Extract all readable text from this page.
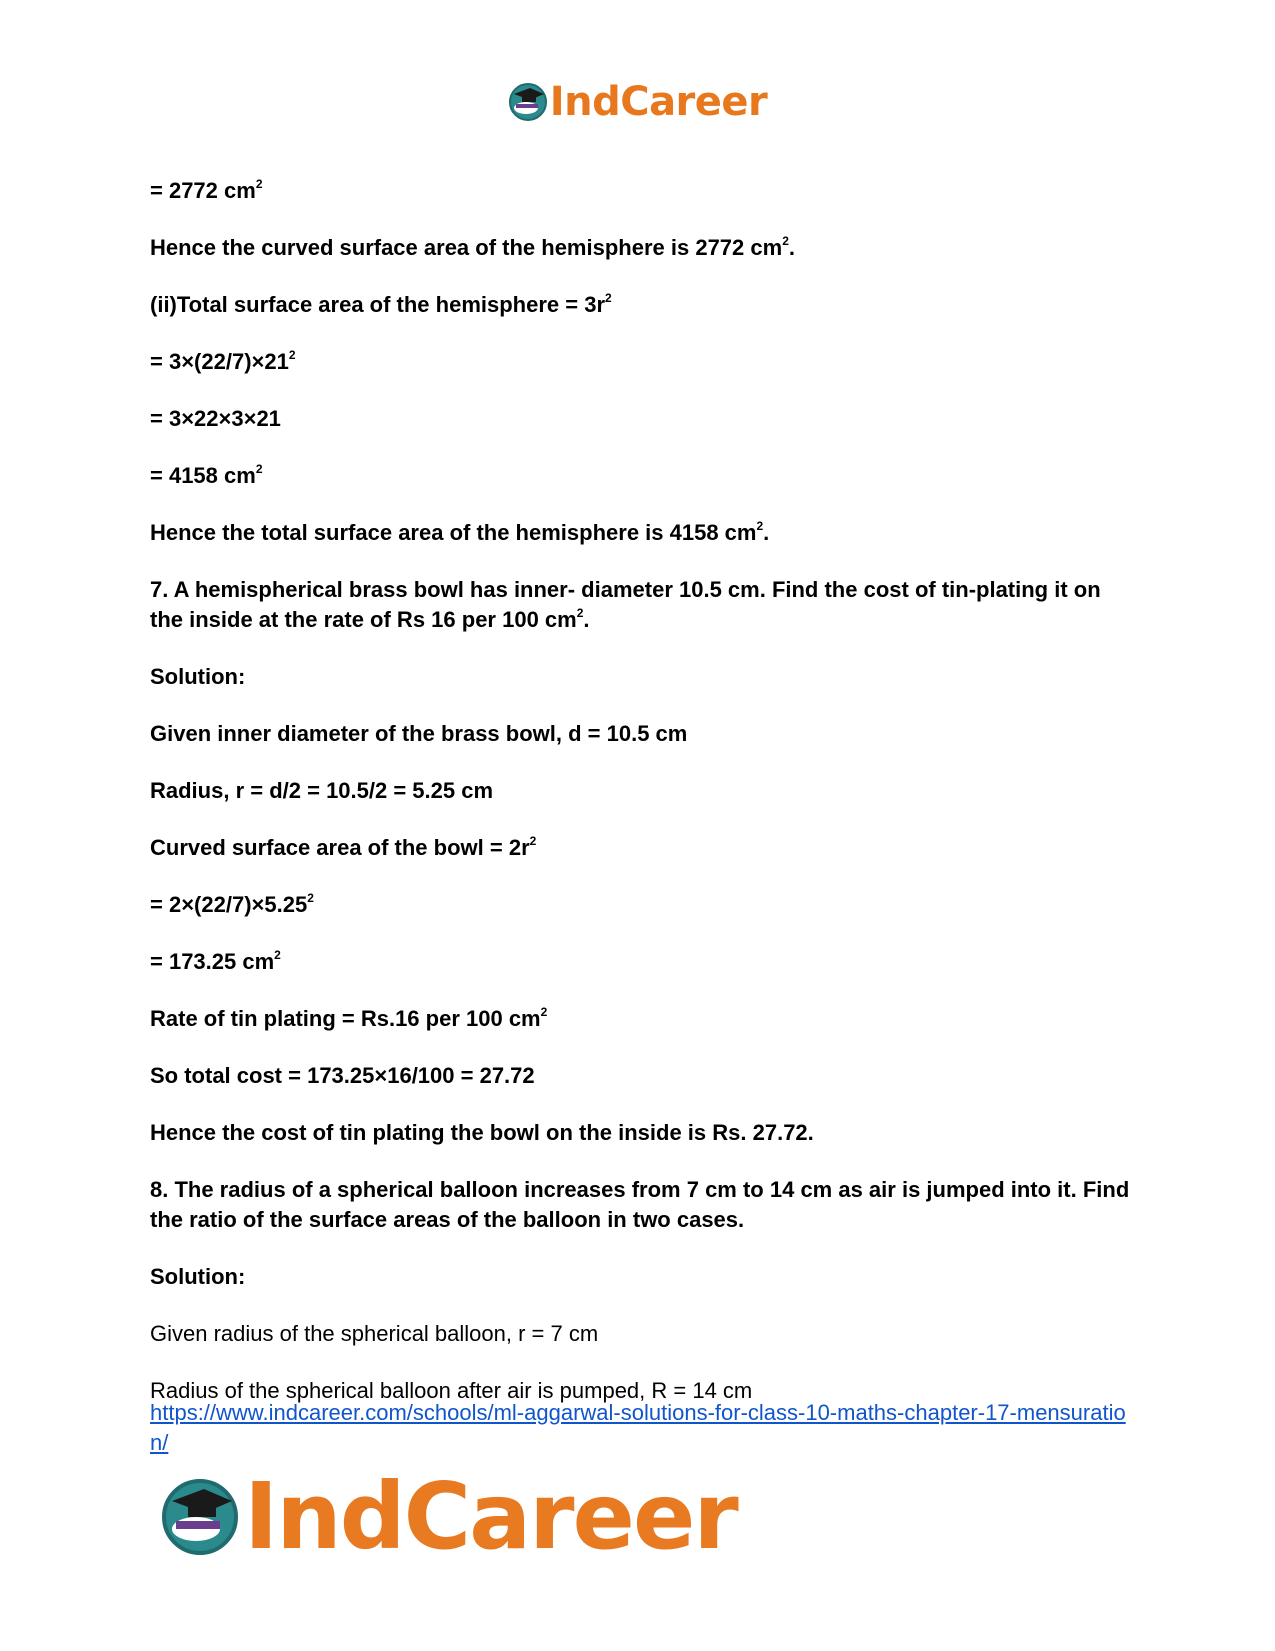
IndCareer

= 2772 $cm^2$

Hence the curved surface area of the hemisphere is 2772 $cm^2$.

(ii)Total surface area of the hemisphere = $3r^2$

= $3\times(22/7)\times 21^2$

= 3×22×3×21

= 4158 $cm^2$

Hence the total surface area of the hemisphere is 4158 $cm^2$.

7. A hemispherical brass bowl has inner- diameter 10.5 cm. Find the cost of tin-plating it on the inside at the rate of Rs 16 per 100 $cm^2$.

Solution:

Given inner diameter of the brass bowl, d = 10.5 cm

Radius, r = d/2 = 10.5/2 = 5.25 cm

Curved surface area of the bowl = $2r^2$

= $2\times(22/7)\times 5.25^2$

= 173.25 $cm^2$

Rate of tin plating = Rs.16 per 100 $cm^2$

So total cost = 173.25×16/100 = 27.72

Hence the cost of tin plating the bowl on the inside is Rs. 27.72.

8. The radius of a spherical balloon increases from 7 cm to 14 cm as air is jumped into it. Find the ratio of the surface areas of the balloon in two cases.

Solution:

Given radius of the spherical balloon, r = 7 cm

Radius of the spherical balloon after air is pumped, R = 14 cm

https://www.indcareer.com/schools/ml-aggarwal-solutions-for-class-10-maths-chapter-17-mensuration/
IndCareer
